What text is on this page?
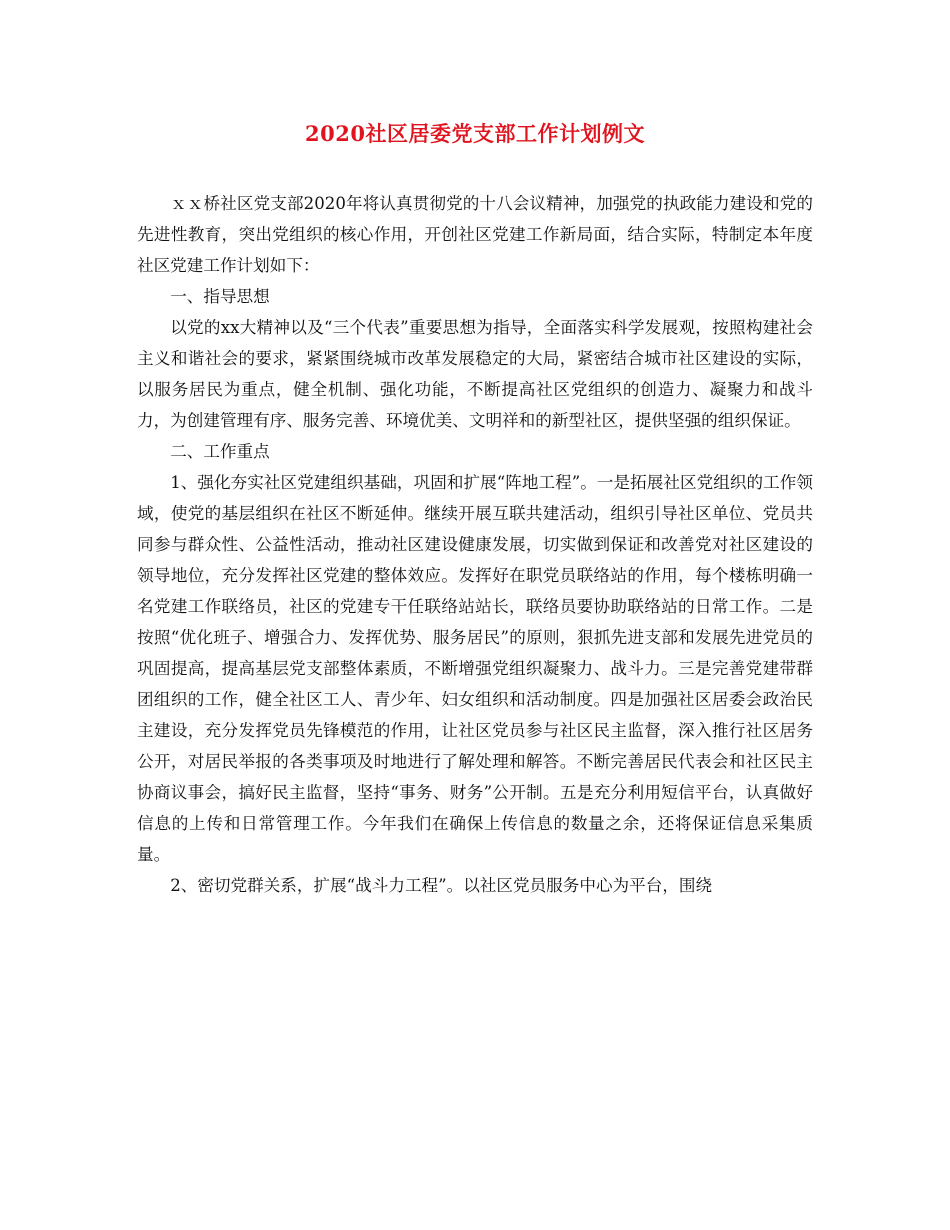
2020社区居委党支部工作计划例文

ｘｘ桥社区党支部2020年将认真贯彻党的十八会议精神，加强党的执政能力建设和党的先进性教育，突出党组织的核心作用，开创社区党建工作新局面，结合实际，特制定本年度社区党建工作计划如下：

一、指导思想

以党的xx大精神以及“三个代表”重要思想为指导，全面落实科学发展观，按照构建社会主义和谐社会的要求，紧紧围绕城市改革发展稳定的大局，紧密结合城市社区建设的实际，以服务居民为重点，健全机制、强化功能，不断提高社区党组织的创造力、凝聚力和战斗力，为创建管理有序、服务完善、环境优美、文明祥和的新型社区，提供坚强的组织保证。

二、工作重点

1、强化夯实社区党建组织基础，巩固和扩展“阵地工程”。一是拓展社区党组织的工作领域，使党的基层组织在社区不断延伸。继续开展互联共建活动，组织引导社区单位、党员共同参与群众性、公益性活动，推动社区建设健康发展，切实做到保证和改善党对社区建设的领导地位，充分发挥社区党建的整体效应。发挥好在职党员联络站的作用，每个楼栋明确一名党建工作联络员，社区的党建专干任联络站站长，联络员要协助联络站的日常工作。二是按照“优化班子、增强合力、发挥优势、服务居民”的原则，狠抓先进支部和发展先进党员的巩固提高，提高基层党支部整体素质，不断增强党组织凝聚力、战斗力。三是完善党建带群团组织的工作，健全社区工人、青少年、妇女组织和活动制度。四是加强社区居委会政治民主建设，充分发挥党员先锋模范的作用，让社区党员参与社区民主监督，深入推行社区居务公开，对居民举报的各类事项及时地进行了解处理和解答。不断完善居民代表会和社区民主协商议事会，搞好民主监督，坚持“事务、财务”公开制。五是充分利用短信平台，认真做好信息的上传和日常管理工作。今年我们在确保上传信息的数量之余，还将保证信息采集质量。

2、密切党群关系，扩展“战斗力工程”。以社区党员服务中心为平台，围绕
